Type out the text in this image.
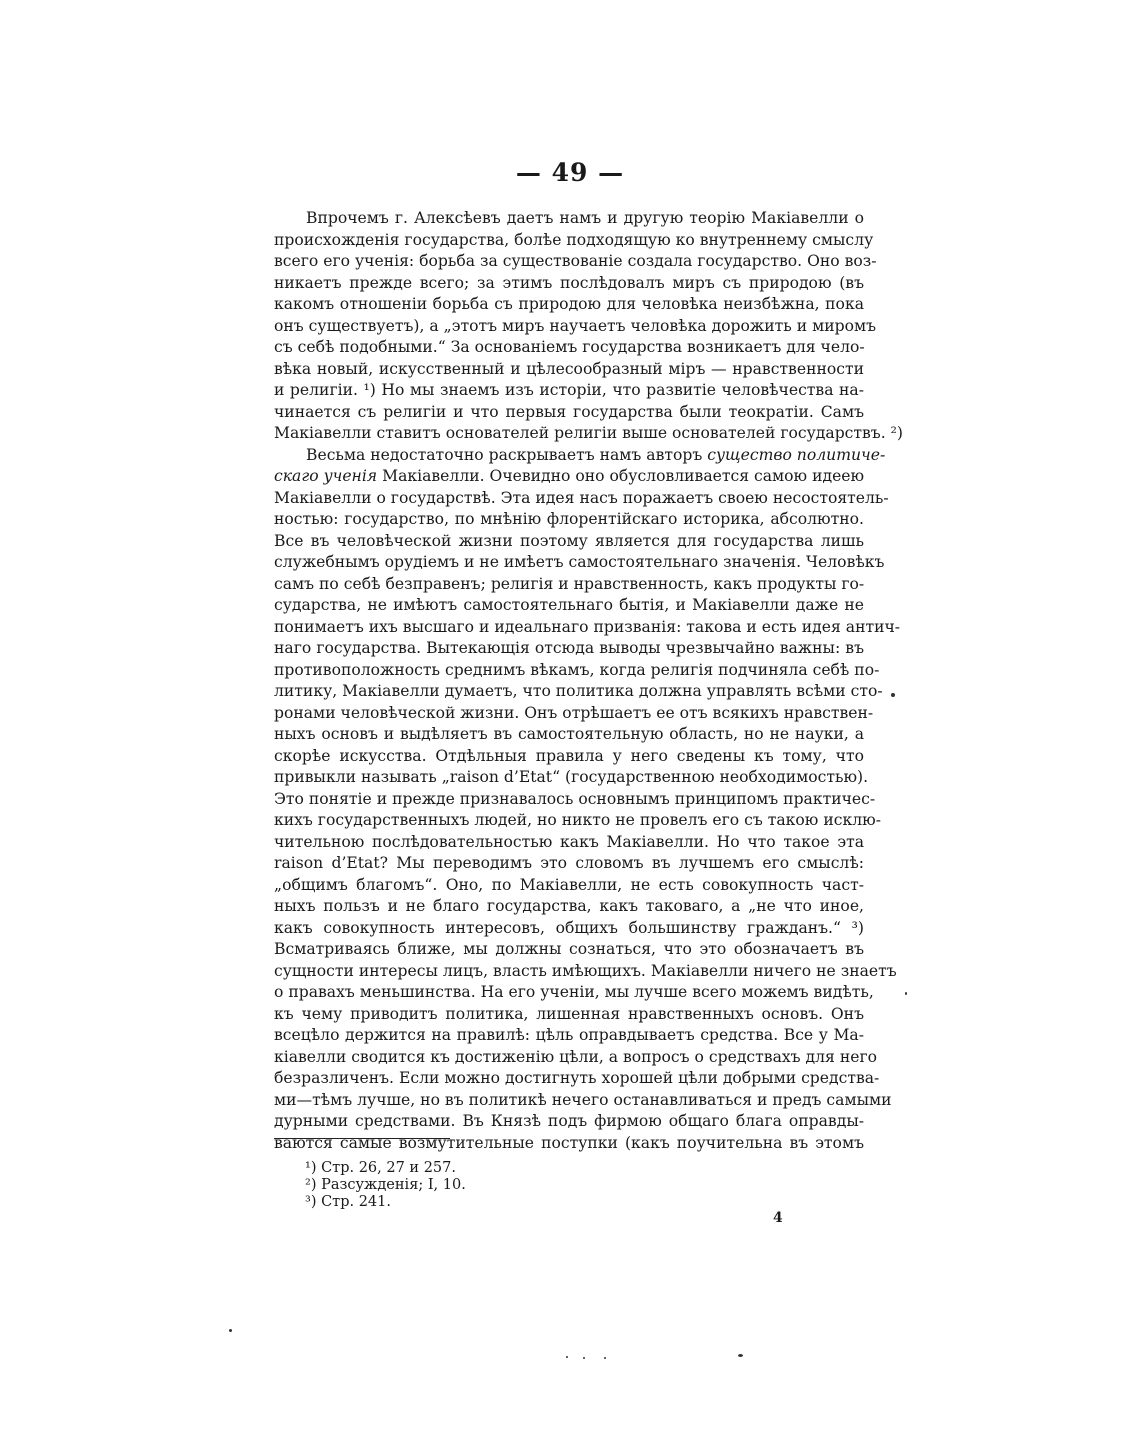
— 49 —
Впрочемъ г. Алексѣевъ даетъ намъ и другую теорію Макіавелли о
происхожденія государства, болѣе подходящую ко внутреннему смыслу
всего его ученія: борьба за существованіе создала государство. Оно воз-
никаетъ прежде всего; за этимъ послѣдовалъ миръ съ природою (въ
какомъ отношеніи борьба съ природою для человѣка неизбѣжна, пока
онъ существуетъ), а „этотъ миръ научаетъ человѣка дорожить и миромъ
съ себѣ подобными.“ За основаніемъ государства возникаетъ для чело-
вѣка новый, искусственный и цѣлесообразный міръ — нравственности
и религіи. ¹) Но мы знаемъ изъ исторіи, что развитіе человѣчества на-
чинается съ религіи и что первыя государства были теократіи. Самъ
Макіавелли ставитъ основателей религіи выше основателей государствъ. ²)
Весьма недостаточно раскрываетъ намъ авторъ существо политиче-
скаго ученія Макіавелли. Очевидно оно обусловливается самою идеею
Макіавелли о государствѣ. Эта идея насъ поражаетъ своею несостоятель-
ностью: государство, по мнѣнію флорентійскаго историка, абсолютно.
Все въ человѣческой жизни поэтому является для государства лишь
служебнымъ орудіемъ и не имѣетъ самостоятельнаго значенія. Человѣкъ
самъ по себѣ безправенъ; религія и нравственность, какъ продукты го-
сударства, не имѣютъ самостоятельнаго бытія, и Макіавелли даже не
понимаетъ ихъ высшаго и идеальнаго призванія: такова и есть идея антич-
наго государства. Вытекающія отсюда выводы чрезвычайно важны: въ
противоположность среднимъ вѣкамъ, когда религія подчиняла себѣ по-
литику, Макіавелли думаетъ, что политика должна управлять всѣми сто-
ронами человѣческой жизни. Онъ отрѣшаетъ ее отъ всякихъ нравствен-
ныхъ основъ и выдѣляетъ въ самостоятельную область, но не науки, а
скорѣе искусства. Отдѣльныя правила у него сведены къ тому, что
привыкли называть „raison d’Etat“ (государственною необходимостью).
Это понятіе и прежде признавалось основнымъ принципомъ практичес-
кихъ государственныхъ людей, но никто не провелъ его съ такою исклю-
чительною послѣдовательностью какъ Макіавелли. Но что такое эта
raison d’Etat? Мы переводимъ это словомъ въ лучшемъ его смыслѣ:
„общимъ благомъ“. Оно, по Макіавелли, не есть совокупность част-
ныхъ пользъ и не благо государства, какъ таковаго, а „не что иное,
какъ совокупность интересовъ, общихъ большинству гражданъ.“ ³)
Всматриваясь ближе, мы должны сознаться, что это обозначаетъ въ
сущности интересы лицъ, власть имѣющихъ. Макіавелли ничего не знаетъ
о правахъ меньшинства. На его ученіи, мы лучше всего можемъ видѣть,
къ чему приводитъ политика, лишенная нравственныхъ основъ. Онъ
всецѣло держится на правилѣ: цѣль оправдываетъ средства. Все у Ма-
кіавелли сводится къ достиженію цѣли, а вопросъ о средствахъ для него
безразличенъ. Если можно достигнуть хорошей цѣли добрыми средства-
ми—тѣмъ лучше, но въ политикѣ нечего останавливаться и предъ самыми
дурными средствами. Въ Князѣ подъ фирмою общаго блага оправды-
ваются самые возмутительные поступки (какъ поучительна въ этомъ
¹) Стр. 26, 27 и 257.
²) Разсужденія; I, 10.
³) Стр. 241.
4
